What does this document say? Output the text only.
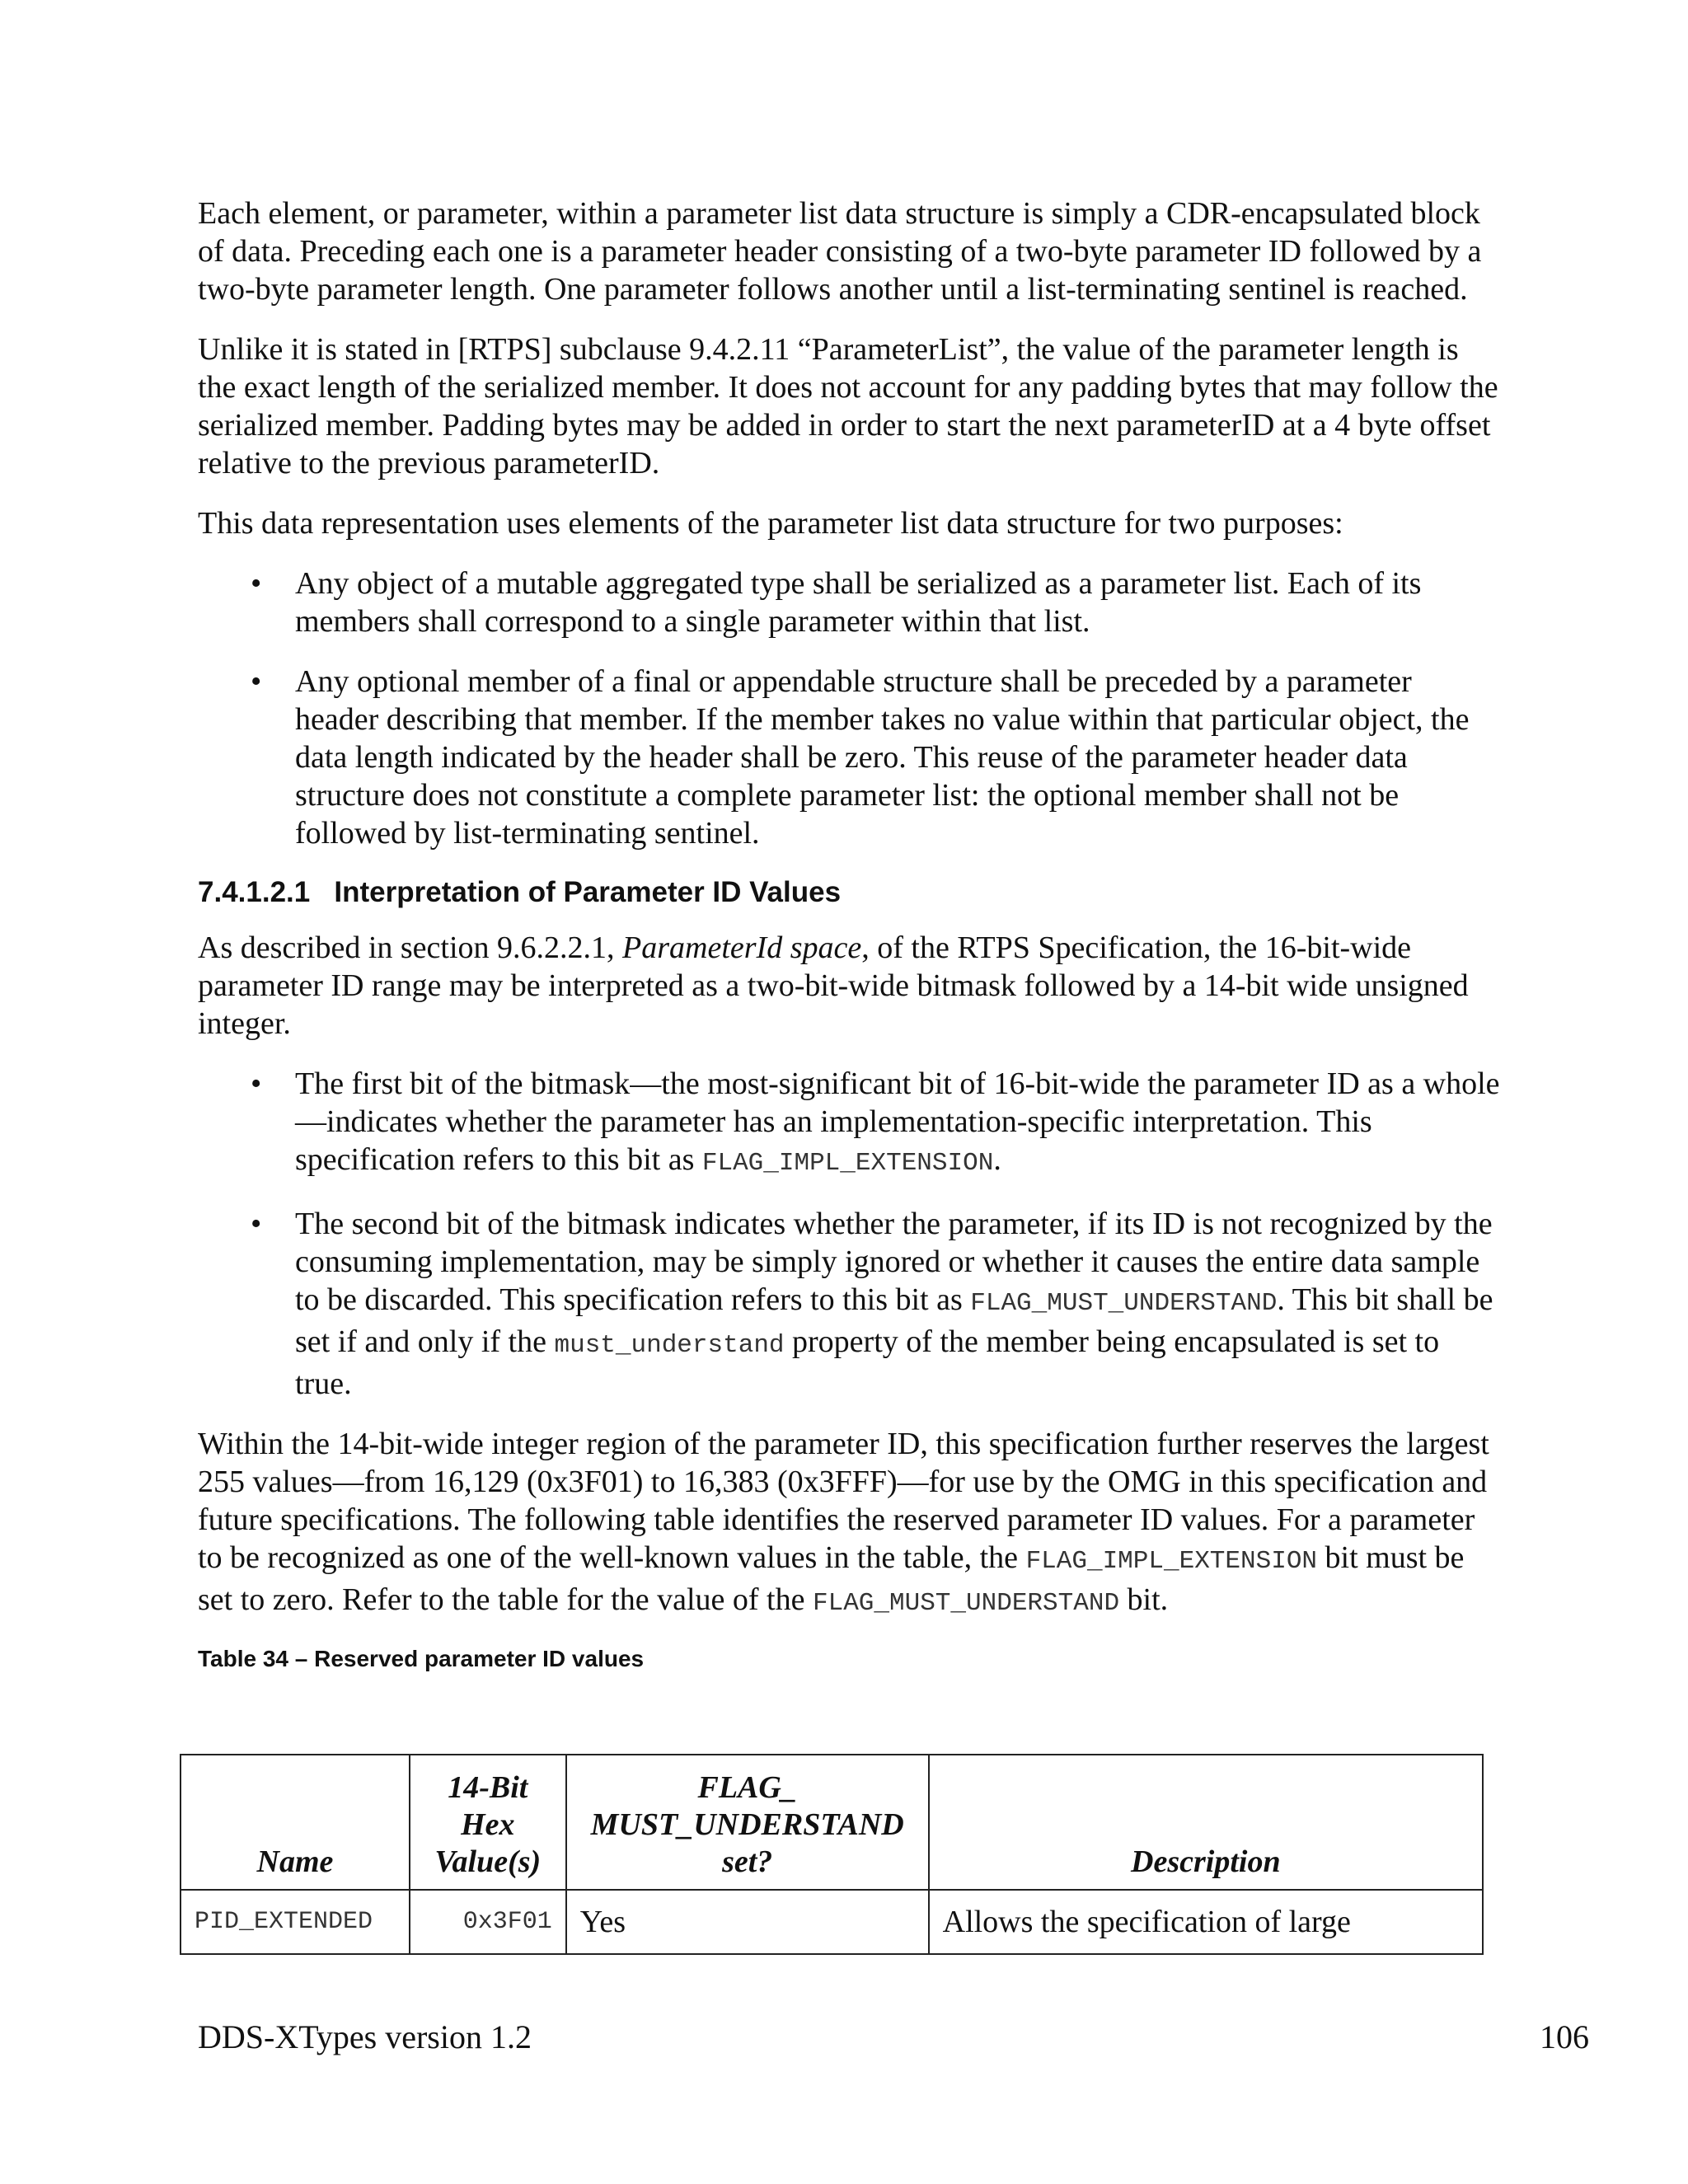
Each element, or parameter, within a parameter list data structure is simply a CDR-encapsulated block of data. Preceding each one is a parameter header consisting of a two-byte parameter ID followed by a two-byte parameter length. One parameter follows another until a list-terminating sentinel is reached.

Unlike it is stated in [RTPS] subclause 9.4.2.11 “ParameterList”, the value of the parameter length is the exact length of the serialized member. It does not account for any padding bytes that may follow the serialized member. Padding bytes may be added in order to start the next parameterID at a 4 byte offset relative to the previous parameterID.

This data representation uses elements of the parameter list data structure for two purposes:

• Any object of a mutable aggregated type shall be serialized as a parameter list. Each of its members shall correspond to a single parameter within that list.
• Any optional member of a final or appendable structure shall be preceded by a parameter header describing that member. If the member takes no value within that particular object, the data length indicated by the header shall be zero. This reuse of the parameter header data structure does not constitute a complete parameter list: the optional member shall not be followed by list-terminating sentinel.
7.4.1.2.1 Interpretation of Parameter ID Values

As described in section 9.6.2.2.1, ParameterId space, of the RTPS Specification, the 16-bit-wide parameter ID range may be interpreted as a two-bit-wide bitmask followed by a 14-bit wide unsigned integer.

• The first bit of the bitmask—the most-significant bit of 16-bit-wide the parameter ID as a whole—indicates whether the parameter has an implementation-specific interpretation. This specification refers to this bit as FLAG_IMPL_EXTENSION.
• The second bit of the bitmask indicates whether the parameter, if its ID is not recognized by the consuming implementation, may be simply ignored or whether it causes the entire data sample to be discarded. This specification refers to this bit as FLAG_MUST_UNDERSTAND. This bit shall be set if and only if the must_understand property of the member being encapsulated is set to true.

Within the 14-bit-wide integer region of the parameter ID, this specification further reserves the largest 255 values—from 16,129 (0x3F01) to 16,383 (0x3FFF)—for use by the OMG in this specification and future specifications. The following table identifies the reserved parameter ID values. For a parameter to be recognized as one of the well-known values in the table, the FLAG_IMPL_EXTENSION bit must be set to zero. Refer to the table for the value of the FLAG_MUST_UNDERSTAND bit.

Table 34 – Reserved parameter ID values
Name	14-Bit
Hex
Value(s)	FLAG_
MUST_UNDERSTAND
set?	Description
PID_EXTENDED	0x3F01	Yes	Allows the specification of large
DDS-XTypes version 1.2	106
